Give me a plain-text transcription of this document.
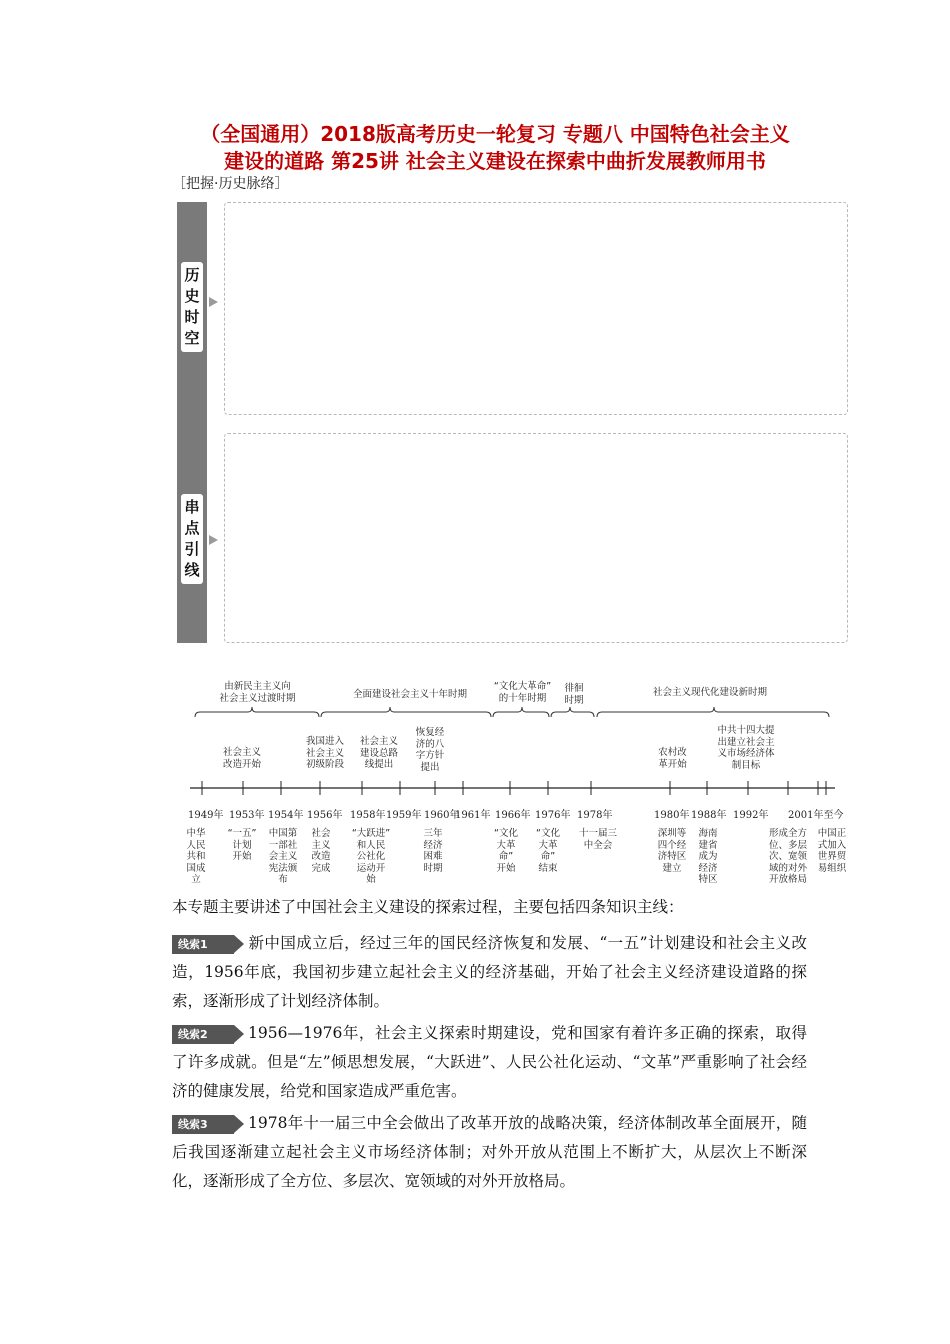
（全国通用）2018版高考历史一轮复习 专题八 中国特色社会主义
建设的道路 第25讲 社会主义建设在探索中曲折发展教师用书
［把握·历史脉络］
历史时空
串点引线
由新民主主义向
社会主义过渡时期	全面建设社会主义十年时期
“文化大革命”
的十年时期
徘徊
时期
社会主义现代化建设新时期
社会主义
改造开始
我国进入
社会主义
初级阶段
社会主义
建设总路
线提出
恢复经
济的八
字方针
提出
农村改
革开始
中共十四大提
出建立社会主
义市场经济体
制目标
1949年 1953年 1954年 1956年 1958年 1959年 1960年
1961年 1966年 1976年 1978年	1980年 1988年 1992年 2001年至今
中华
人民
共和
国成
立
“一五”
计划
开始
中国第
一部社
会主义
宪法颁
布
社会
主义
改造
完成
“大跃进”
和人民
公社化
运动开
始
三年
经济
困难
时期
“文化
大革
命”
开始
“文化
大革
命”
结束
十一届三
中全会
深圳等
四个经
济特区
建立
海南
建省
成为
经济
特区
形成全方
位、多层
次、宽领
域的对外
开放格局
中国正
式加入
世界贸
易组织
本专题主要讲述了中国社会主义建设的探索过程，主要包括四条知识主线：
线索1	新中国成立后，经过三年的国民经济恢复和发展、“一五”计划建设和社会主义改造，1956年底，我国初步建立起社会主义的经济基础，开始了社会主义经济建设道路的探索，逐渐形成了计划经济体制。
线索2	1956—1976年，社会主义探索时期建设，党和国家有着许多正确的探索，取得了许多成就。但是“左”倾思想发展，“大跃进”、人民公社化运动、“文革”严重影响了社会经济的健康发展，给党和国家造成严重危害。
线索3	1978年十一届三中全会做出了改革开放的战略决策，经济体制改革全面展开，随后我国逐渐建立起社会主义市场经济体制；对外开放从范围上不断扩大，从层次上不断深化，逐渐形成了全方位、多层次、宽领域的对外开放格局。
